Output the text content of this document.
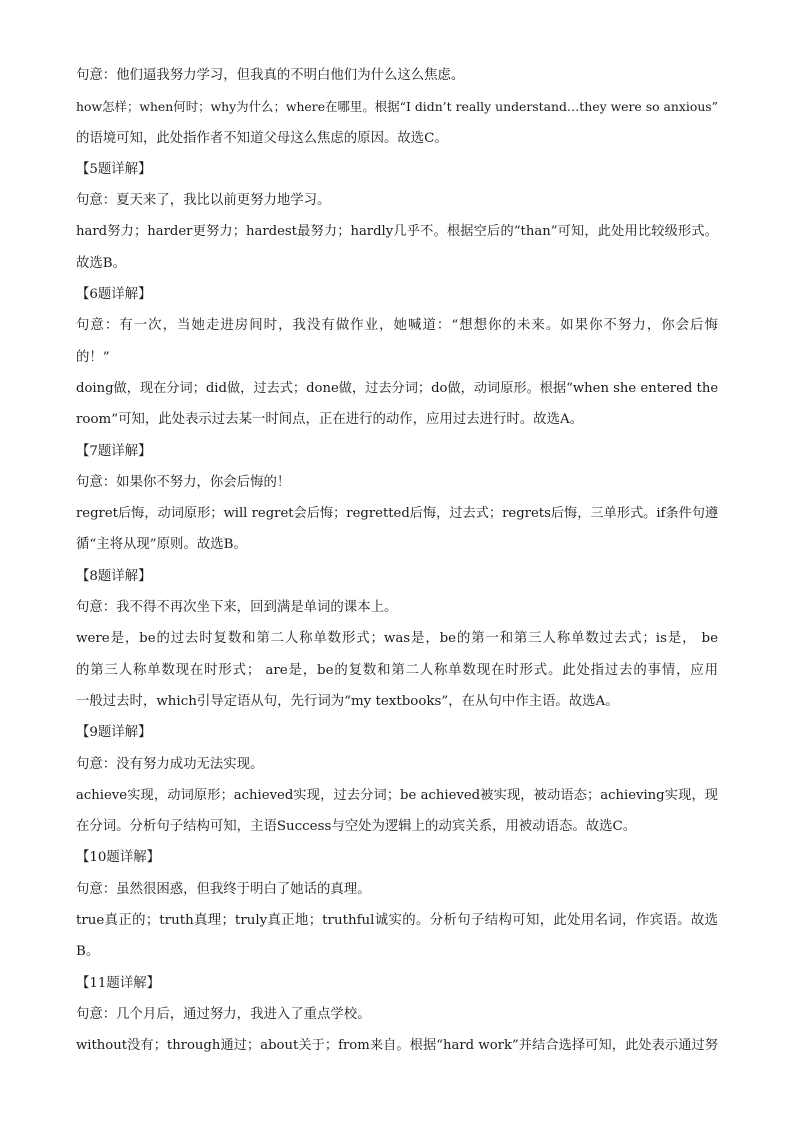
句意：他们逼我努力学习，但我真的不明白他们为什么这么焦虑。
how怎样；when何时；why为什么；where在哪里。根据“I didn’t really understand…they were so anxious”
的语境可知，此处指作者不知道父母这么焦虑的原因。故选C。
【5题详解】
句意：夏天来了，我比以前更努力地学习。
hard努力；harder更努力；hardest最努力；hardly几乎不。根据空后的“than”可知，此处用比较级形式。
故选B。
【6题详解】
句意：有一次，当她走进房间时，我没有做作业，她喊道：“想想你的未来。如果你不努力，你会后悔
的！”
doing做，现在分词；did做，过去式；done做，过去分词；do做，动词原形。根据“when she entered the
room”可知，此处表示过去某一时间点，正在进行的动作，应用过去进行时。故选A。
【7题详解】
句意：如果你不努力，你会后悔的！
regret后悔，动词原形；will regret会后悔；regretted后悔，过去式；regrets后悔，三单形式。if条件句遵
循“主将从现”原则。故选B。
【8题详解】
句意：我不得不再次坐下来，回到满是单词的课本上。
were是，be的过去时复数和第二人称单数形式；was是，be的第一和第三人称单数过去式；is是， be
的第三人称单数现在时形式； are是，be的复数和第二人称单数现在时形式。此处指过去的事情，应用
一般过去时，which引导定语从句，先行词为“my textbooks”，在从句中作主语。故选A。
【9题详解】
句意：没有努力成功无法实现。
achieve实现，动词原形；achieved实现，过去分词；be achieved被实现，被动语态；achieving实现，现
在分词。分析句子结构可知，主语Success与空处为逻辑上的动宾关系，用被动语态。故选C。
【10题详解】
句意：虽然很困惑，但我终于明白了她话的真理。
true真正的；truth真理；truly真正地；truthful诚实的。分析句子结构可知，此处用名词，作宾语。故选
B。
【11题详解】
句意：几个月后，通过努力，我进入了重点学校。
without没有；through通过；about关于；from来自。根据“hard work”并结合选择可知，此处表示通过努
